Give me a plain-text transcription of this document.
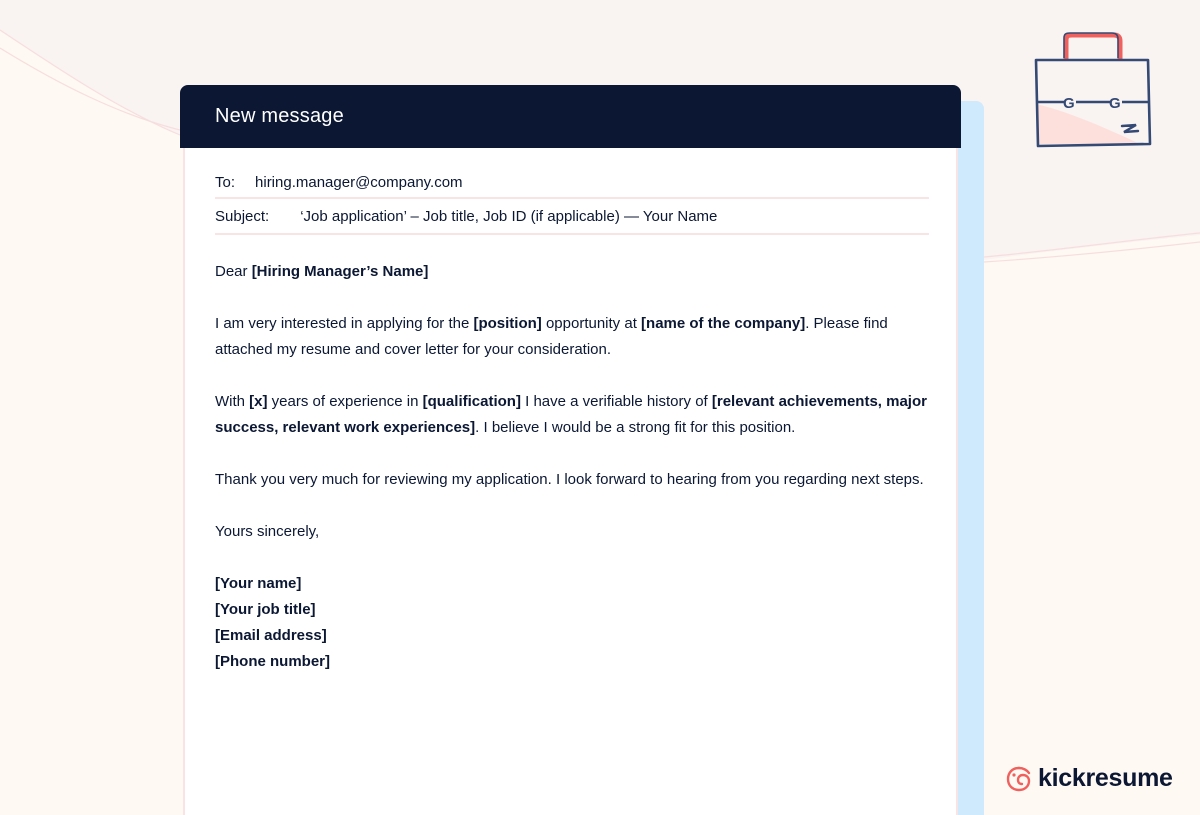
New message
To: hiring.manager@company.com
Subject: ‘Job application’ – Job title, Job ID (if applicable) — Your Name

Dear [Hiring Manager’s Name]

I am very interested in applying for the [position] opportunity at [name of the company]. Please find attached my resume and cover letter for your consideration.

With [x] years of experience in [qualification] I have a verifiable history of [relevant achievements, major success, relevant work experiences]. I believe I would be a strong fit for this position.

Thank you very much for reviewing my application. I look forward to hearing from you regarding next steps.

Yours sincerely,

[Your name]
[Your job title]
[Email address]
[Phone number]
G G
kickresume
